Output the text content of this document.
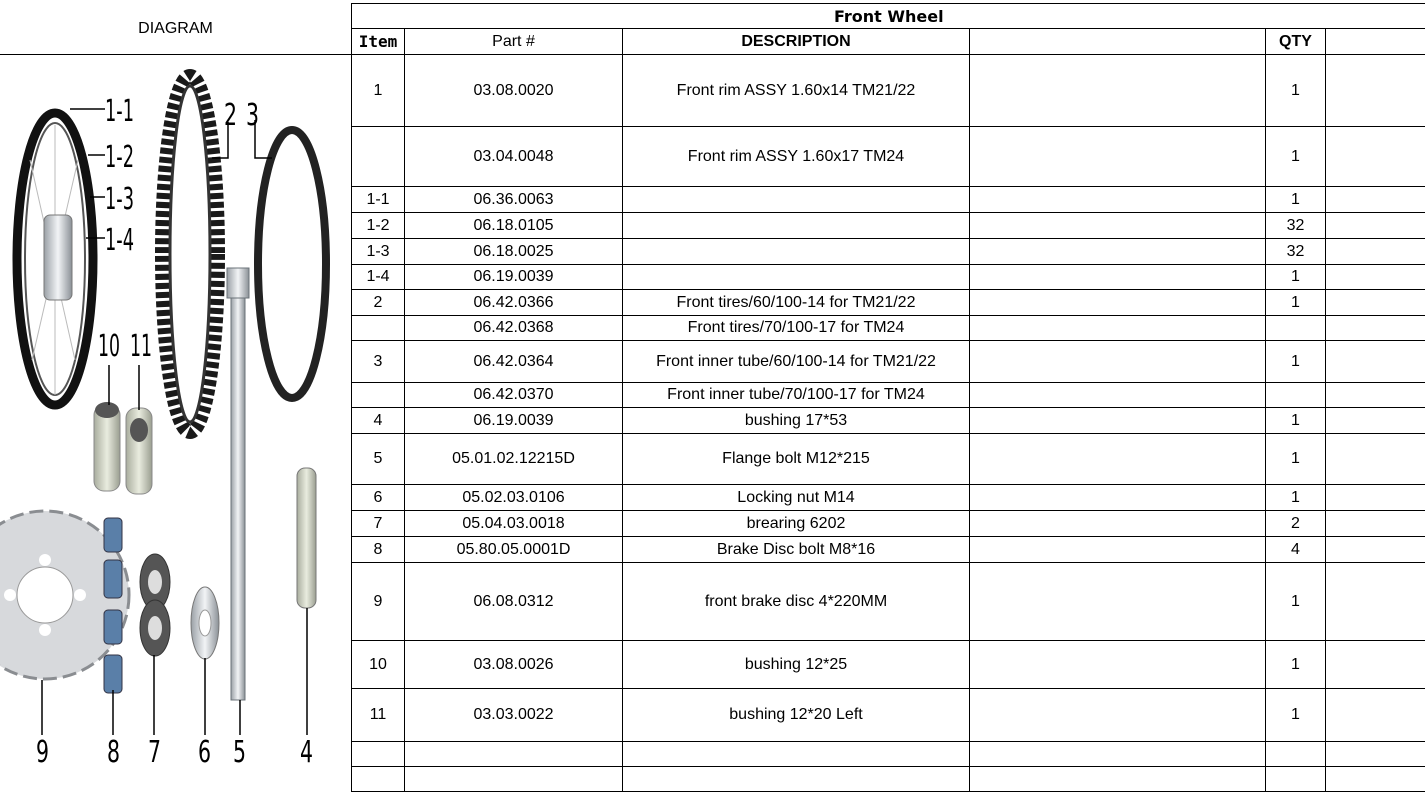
DIAGRAM
1-1
1-2
1-3
1-4
2 3
10 11
9 8 7 6 5 4
Front Wheel					
Item	Part #	DESCRIPTION		QTY	
1	03.08.0020	Front rim ASSY 1.60x14 TM21/22		1	
	03.04.0048	Front rim ASSY 1.60x17 TM24		1	
1-1	06.36.0063			1	
1-2	06.18.0105			32	
1-3	06.18.0025			32	
1-4	06.19.0039			1	
2	06.42.0366	Front tires/60/100-14 for TM21/22		1	
	06.42.0368	Front tires/70/100-17 for TM24			
3	06.42.0364	Front inner tube/60/100-14 for TM21/22		1	
	06.42.0370	Front inner tube/70/100-17 for TM24			
4	06.19.0039	bushing 17*53		1	
5	05.01.02.12215D	Flange bolt M12*215		1	
6	05.02.03.0106	Locking nut M14		1	
7	05.04.03.0018	brearing 6202		2	
8	05.80.05.0001D	Brake Disc bolt M8*16		4	
9	06.08.0312	front brake disc 4*220MM		1	
10	03.08.0026	bushing 12*25		1	
11	03.03.0022	bushing 12*20 Left		1	
